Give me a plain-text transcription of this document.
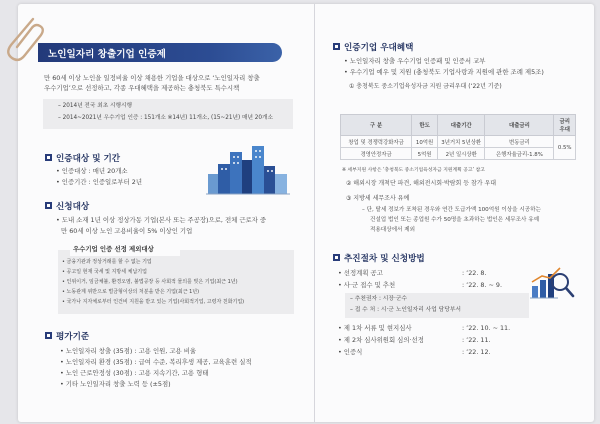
노인일자리 창출기업 인증제
만 60세 이상 노인을 일정비율 이상 채용한 기업을 대상으로 ‘노인일자리 창출
우수기업’으로 선정하고, 각종 우대혜택을 제공하는 충청북도 특수시책
– 2014년 전국 최초 시행시행
– 2014~2021년 우수기업 인증 : 151개소 ※14년) 11개소, (15~21년) 매년 20개소
인증대상 및 기간
• 인증대상 : 매년 20개소
• 인증기간 : 인증일로부터 2년
신청대상
• 도내 소재 1년 이상 정상가동 기업(본사 또는 주공장)으로, 전체 근로자 중
만 60세 이상 노인 고용비율이 5% 이상인 기업
우수기업 인증 선정 제외대상
• 금융기관과 정상거래를 할 수 없는 기업
• 공고일 현재 국세 및 지방세 체납기업
• 인위이거, 임금체불, 환경오염, 불법공장 등 사회적 물의를 빚은 기업(최근 1년)
• 노동관계 위반으로 벌금형이상의 처분을 받은 기업(최근 1년)
• 국가나 지자체로부터 인건비 지원을 받고 있는 기업(사회적기업, 고령자 친화기업)
평가기준
• 노인일자리 창출 (35점) : 고용 인원, 고용 비율
• 노인일자리 환경 (35점) : 급여 수준, 복리후생 제공, 교육훈련 실적
• 노인 근로안정성 (30점) : 고용 지속기간, 고용 형태
• 기타 노인일자리 창출 노력 등 (±5점)
인증기업 우대혜택
• 노인일자리 창출 우수기업 인증패 및 인증서 교부
• 우수기업 예우 및 지원 (충청북도 기업사랑과 지원에 관한 조례 제5조)
① 충청북도 중소기업육성자금 지원 금리우대 (‘22년 기준)
구 분	한도	대출기간	대출금리	금리
우대
창업 및 경쟁력강화자금	10억원	3년거치 5년상환	변동금리	0.5%
경영안정자금	5억원	2년 일시상환	은행자율금리-1.8%	
※ 세부지원 사항은 ‘충청북도 중소기업육성자금 지원계획 공고’ 참고
② 해외시장 개척단 파견, 해외전시회·박람회 등 참가 우대
③ 지방세 세무조사 유예
– 단, 탈세 정보가 포착된 경우와 연간 도급가액 100억원 이상을 시공하는
건설업 법인 또는 종업원 수가 50명을 초과하는 법인은 세무조사 유예
적용대상에서 제외
추진절차 및 신청방법
• 선정계획 공고	: ’22. 8.
• 사·군 접수 및 추천	: ’22. 8. ~ 9.
– 추천권자 : 시장·군수
– 접 수 처 : 시·군 노인일자리 사업 담당부서
• 제 1차 서류 및 현지심사	: ’22. 10. ~ 11.
• 제 2차 심사위원회 심의·선정	: ’22. 11.
• 인증식	: ’22. 12.
